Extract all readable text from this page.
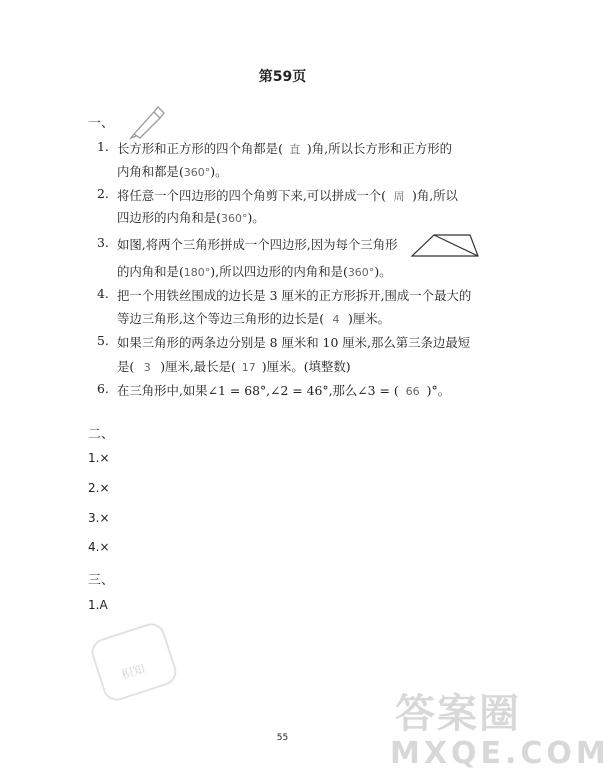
第59页
一、
1. 长方形和正方形的四个角都是( 直 )角,所以长方形和正方形的
内角和都是(360°)。
2. 将任意一个四边形的四个角剪下来,可以拼成一个( 周 )角,所以
四边形的内角和是(360°)。
3. 如图,将两个三角形拼成一个四边形,因为每个三角形
的内角和是(180°),所以四边形的内角和是(360°)。
4. 把一个用铁丝围成的边长是 3 厘米的正方形拆开,围成一个最大的
等边三角形,这个等边三角形的边长是( 4 )厘米。
5. 如果三角形的两条边分别是 8 厘米和 10 厘米,那么第三条边最短
是( 3 )厘米,最长是( 17 )厘米。(填整数)
6. 在三角形中,如果∠1 = 68°,∠2 = 46°,那么∠3 = ( 66 )°。
二、
1.×
2.×
3.×
4.×
三、
1.A
积知
55
答案圈
MXQE.COM
